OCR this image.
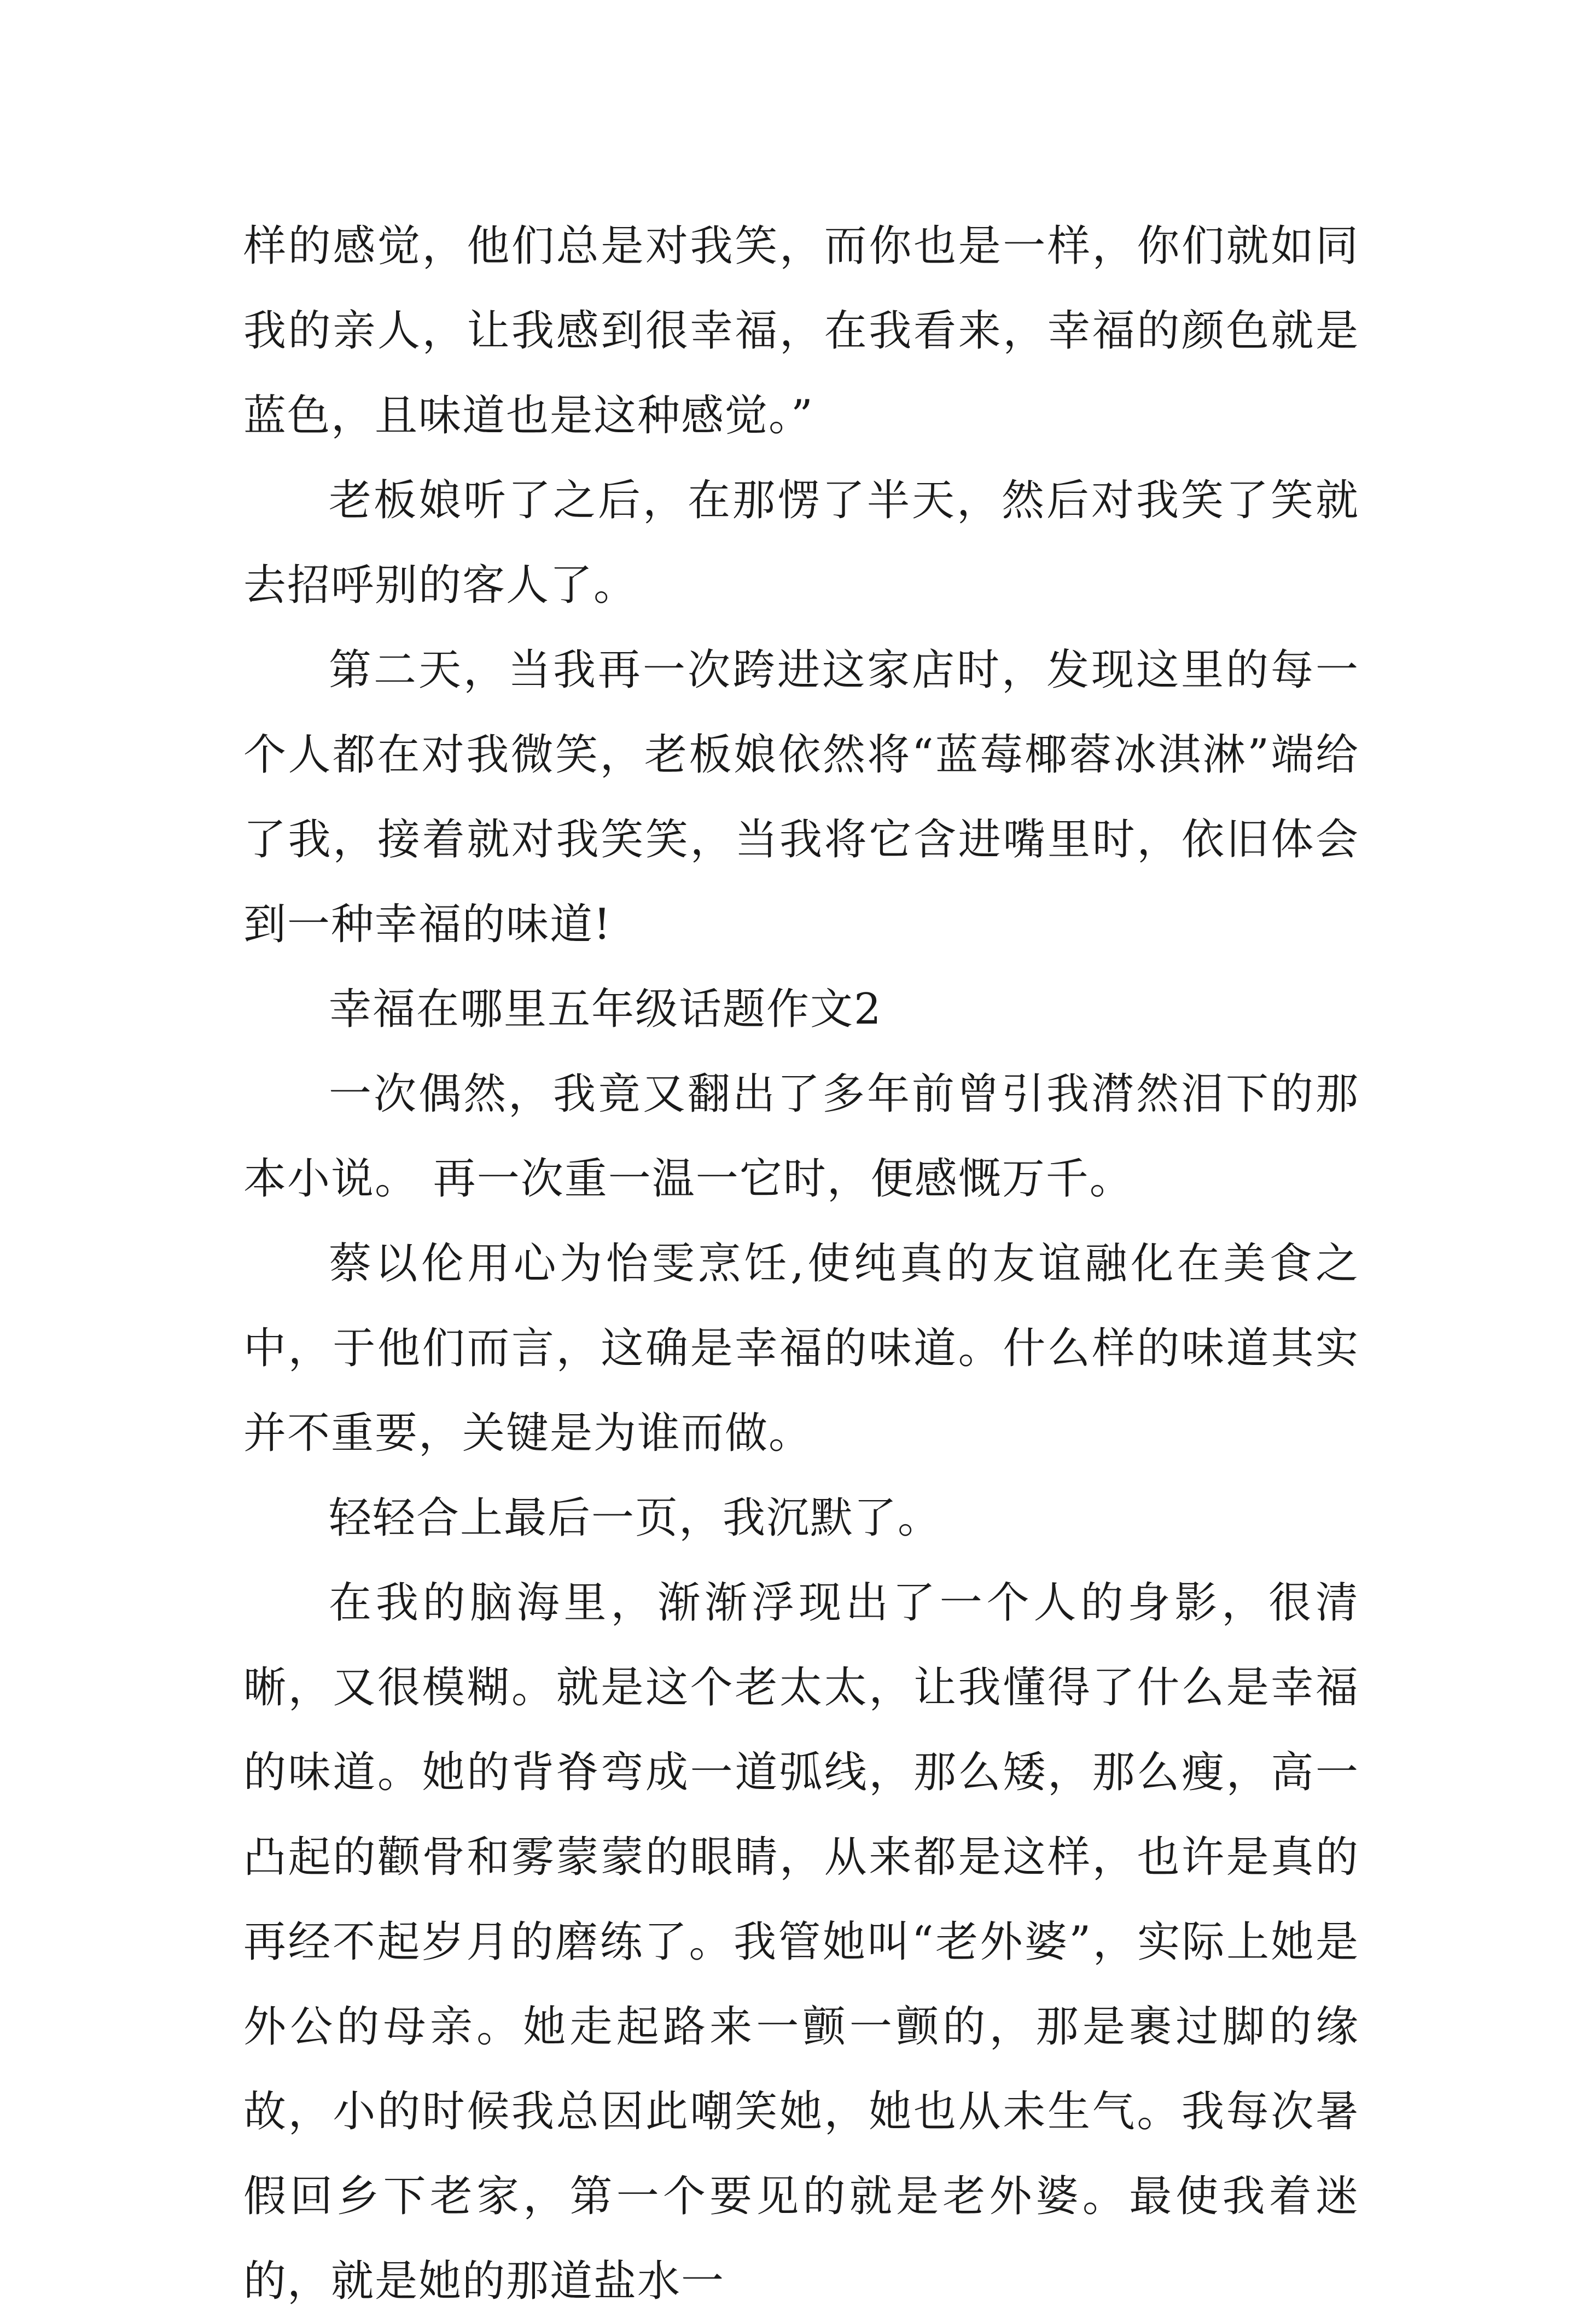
样的感觉，他们总是对我笑，而你也是一样，你们就如同我的亲人，让我感到很幸福，在我看来，幸福的颜色就是蓝色，且味道也是这种感觉。”

老板娘听了之后，在那愣了半天，然后对我笑了笑就去招呼别的客人了。

第二天，当我再一次跨进这家店时，发现这里的每一个人都在对我微笑，老板娘依然将“蓝莓椰蓉冰淇淋”端给了我，接着就对我笑笑，当我将它含进嘴里时，依旧体会到一种幸福的味道!

幸福在哪里五年级话题作文2

一次偶然，我竟又翻出了多年前曾引我潸然泪下的那本小说。 再一次重一温一它时，便感慨万千。

蔡以伦用心为怡雯烹饪,使纯真的友谊融化在美食之中，于他们而言，这确是幸福的味道。什么样的味道其实并不重要，关键是为谁而做。

轻轻合上最后一页，我沉默了。

在我的脑海里，渐渐浮现出了一个人的身影，很清晰，又很模糊。就是这个老太太，让我懂得了什么是幸福的味道。她的背脊弯成一道弧线，那么矮，那么瘦，高一凸起的颧骨和雾蒙蒙的眼睛，从来都是这样，也许是真的再经不起岁月的磨练了。我管她叫“老外婆”，实际上她是外公的母亲。她走起路来一颤一颤的，那是裹过脚的缘故，小的时候我总因此嘲笑她，她也从未生气。我每次暑假回乡下老家，第一个要见的就是老外婆。最使我着迷的，就是她的那道盐水一
